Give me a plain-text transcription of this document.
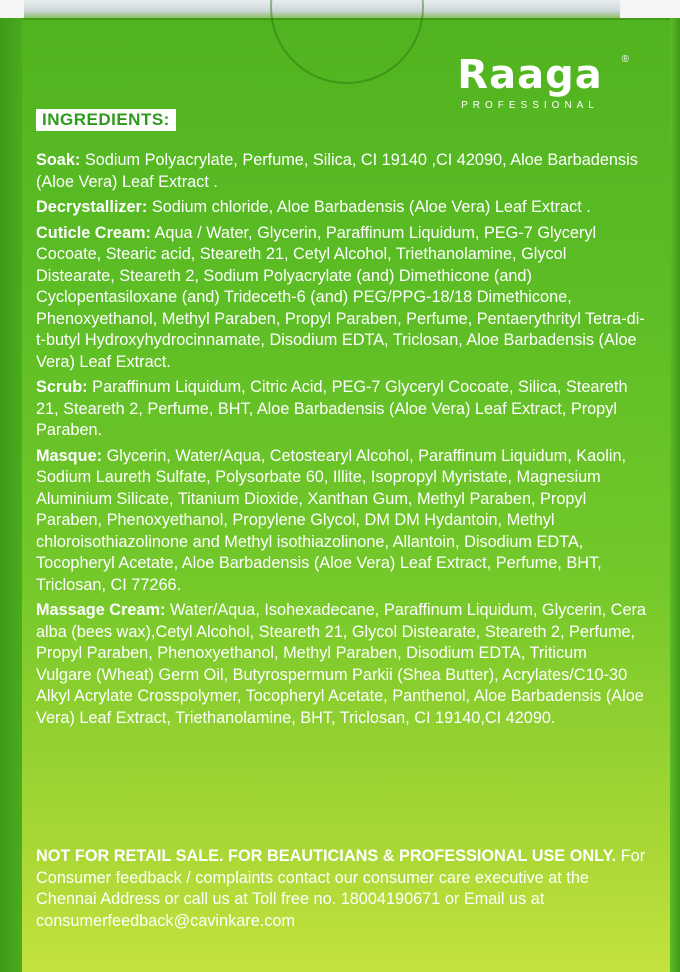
Raaga	®
PROFESSIONAL
INGREDIENTS:

Soak: Sodium Polyacrylate, Perfume, Silica, CI 19140 ,CI 42090, Aloe Barbadensis (Aloe Vera) Leaf Extract .

Decrystallizer: Sodium chloride, Aloe Barbadensis (Aloe Vera) Leaf Extract .

Cuticle Cream: Aqua / Water, Glycerin, Paraffinum Liquidum, PEG-7 Glyceryl Cocoate, Stearic acid, Steareth 21, Cetyl Alcohol, Triethanolamine, Glycol Distearate, Steareth 2, Sodium Polyacrylate (and) Dimethicone (and) Cyclopentasiloxane (and) Trideceth-6 (and) PEG/PPG-18/18 Dimethicone, Phenoxyethanol, Methyl Paraben, Propyl Paraben, Perfume, Pentaerythrityl Tetra-di-t-butyl Hydroxyhydrocinnamate, Disodium EDTA, Triclosan, Aloe Barbadensis (Aloe Vera) Leaf Extract.

Scrub: Paraffinum Liquidum, Citric Acid, PEG-7 Glyceryl Cocoate, Silica, Steareth 21, Steareth 2, Perfume, BHT, Aloe Barbadensis (Aloe Vera) Leaf Extract, Propyl Paraben.

Masque: Glycerin, Water/Aqua, Cetostearyl Alcohol, Paraffinum Liquidum, Kaolin, Sodium Laureth Sulfate, Polysorbate 60, Illite, Isopropyl Myristate, Magnesium Aluminium Silicate, Titanium Dioxide, Xanthan Gum, Methyl Paraben, Propyl Paraben, Phenoxyethanol, Propylene Glycol, DM DM Hydantoin, Methyl chloroisothiazolinone and Methyl isothiazolinone, Allantoin, Disodium EDTA, Tocopheryl Acetate, Aloe Barbadensis (Aloe Vera) Leaf Extract, Perfume, BHT, Triclosan, CI 77266.

Massage Cream: Water/Aqua, Isohexadecane, Paraffinum Liquidum, Glycerin, Cera alba (bees wax),Cetyl Alcohol, Steareth 21, Glycol Distearate, Steareth 2, Perfume, Propyl Paraben, Phenoxyethanol, Methyl Paraben, Disodium EDTA, Triticum Vulgare (Wheat) Germ Oil, Butyrospermum Parkii (Shea Butter), Acrylates/C10-30 Alkyl Acrylate Crosspolymer, Tocopheryl Acetate, Panthenol, Aloe Barbadensis (Aloe Vera) Leaf Extract, Triethanolamine, BHT, Triclosan, CI 19140,CI 42090.

NOT FOR RETAIL SALE. FOR BEAUTICIANS & PROFESSIONAL USE ONLY. For Consumer feedback / complaints contact our consumer care executive at the Chennai Address or call us at Toll free no. 18004190671 or Email us at consumerfeedback@cavinkare.com
